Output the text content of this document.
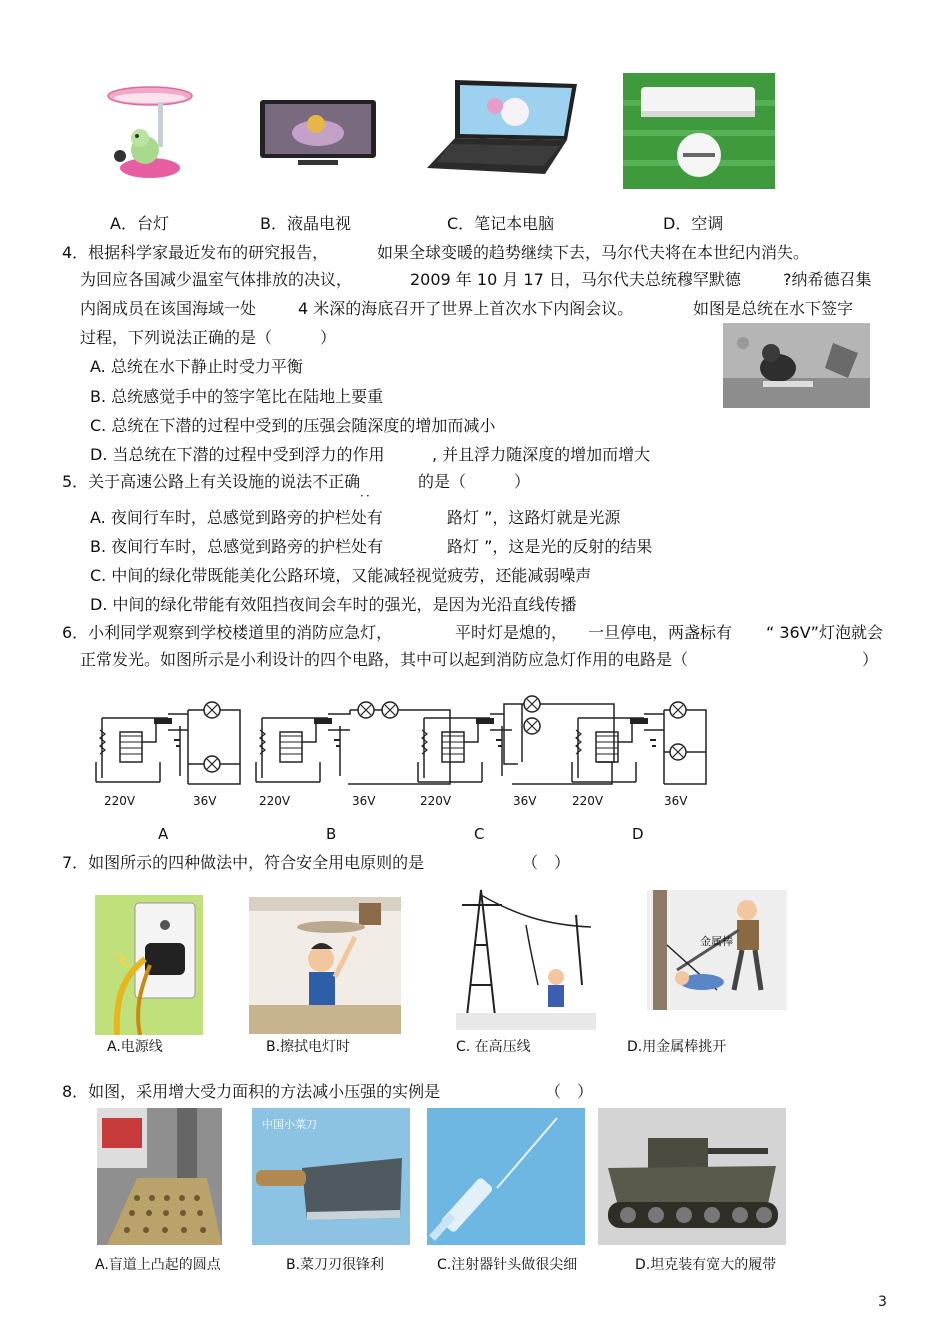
A．台灯	B．液晶电视	C．笔记本电脑	D．空调
4．根据科学家最近发布的研究报告，	如果全球变暖的趋势继续下去，马尔代夫将在本世纪内消失。
为回应各国减少温室气体排放的决议，	2009 年 10 月 17 日，马尔代夫总统穆罕默德	?纳希德召集
内阁成员在该国海域一处	4 米深的海底召开了世界上首次水下内阁会议。	如图是总统在水下签字
过程，下列说法正确的是（　　　）
A. 总统在水下静止时受力平衡
B. 总统感觉手中的签字笔比在陆地上要重
C. 总统在下潜的过程中受到的压强会随深度的增加而减小
D. 当总统在下潜的过程中受到浮力的作用	, 并且浮力随深度的增加而增大
5．关于高速公路上有关设施的说法不正确
．．
的是（　　　）
A. 夜间行车时，总感觉到路旁的护栏处有	路灯 ”，这路灯就是光源
B. 夜间行车时，总感觉到路旁的护栏处有	路灯 ”，这是光的反射的结果
C. 中间的绿化带既能美化公路环境，又能减轻视觉疲劳，还能减弱噪声
D. 中间的绿化带能有效阻挡夜间会车时的强光，是因为光沿直线传播
6．小利同学观察到学校楼道里的消防应急灯，	平时灯是熄的， 一旦停电，两盏标有 “ 36V”灯泡就会
正常发光。如图所示是小利设计的四个电路，其中可以起到消防应急灯作用的电路是（	）
220V	36V	220V	36V	220V	36V	220V	36V
A	B	C	D
7．如图所示的四种做法中，符合安全用电原则的是	（　）
A.电源线	B.擦拭电灯时	C. 在高压线
金属棒
D.用金属棒挑开
8．如图，采用增大受力面积的方法减小压强的实例是	（　）
A.盲道上凸起的圆点
中国小菜刀
B.菜刀刃很锋利	C.注射器针头做很尖细	D.坦克装有宽大的履带
3
